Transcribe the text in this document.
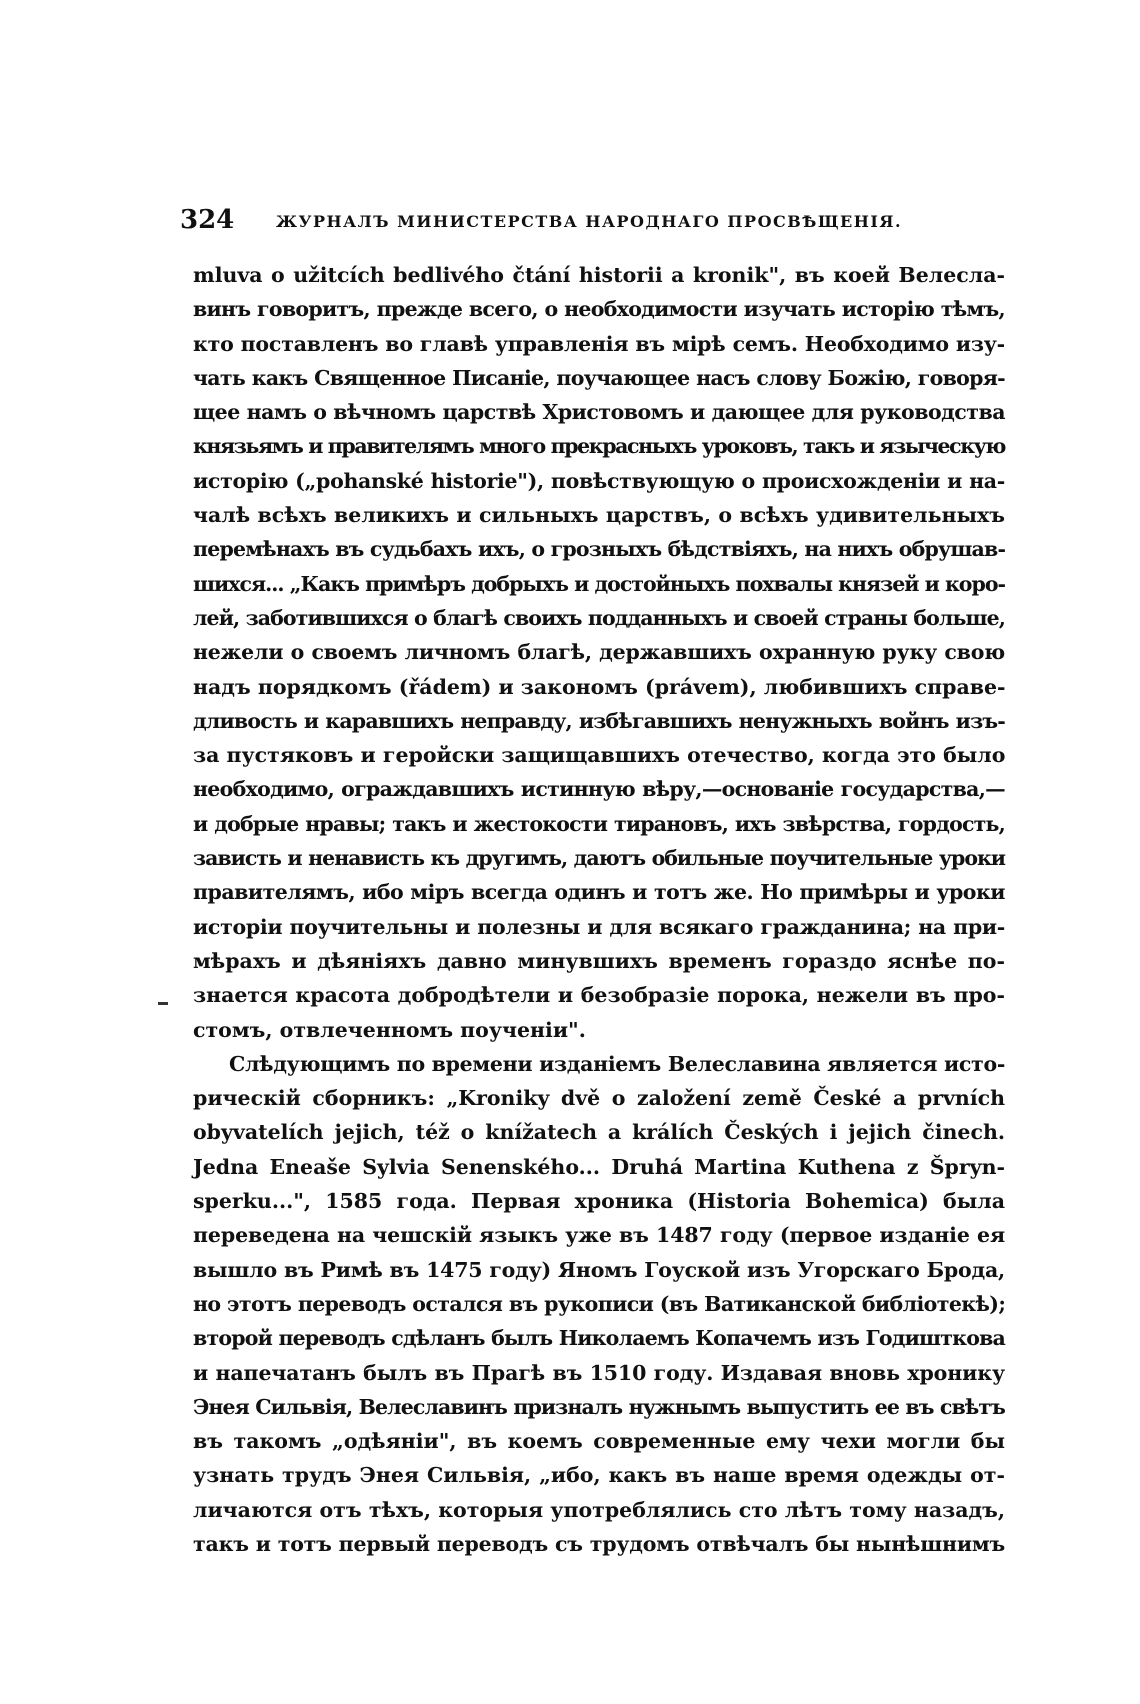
324	ЖУРНАЛЪ МИНИСТЕРСТВА НАРОДНАГО ПРОСВѢЩЕНІЯ.
mluva o užitcích bedlivého čtání historii a kronik", въ коей Велесла-
винъ говоритъ, прежде всего, о необходимости изучать исторію тѣмъ,
кто поставленъ во главѣ управленія въ мірѣ семъ. Необходимо изу-
чать какъ Священное Писаніе, поучающее насъ слову Божію, говоря-
щее намъ о вѣчномъ царствѣ Христовомъ и дающее для руководства
князьямъ и правителямъ много прекрасныхъ уроковъ, такъ и языческую
исторію („pohanské historie"), повѣствующую о происхожденіи и на-
чалѣ всѣхъ великихъ и сильныхъ царствъ, о всѣхъ удивительныхъ
перемѣнахъ въ судьбахъ ихъ, о грозныхъ бѣдствіяхъ, на нихъ обрушав-
шихся... „Какъ примѣръ добрыхъ и достойныхъ похвалы князей и коро-
лей, заботившихся о благѣ своихъ подданныхъ и своей страны больше,
нежели о своемъ личномъ благѣ, державшихъ охранную руку свою
надъ порядкомъ (řádem) и закономъ (právem), любившихъ справе-
дливость и каравшихъ неправду, избѣгавшихъ ненужныхъ войнъ изъ-
за пустяковъ и геройски защищавшихъ отечество, когда это было
необходимо, ограждавшихъ истинную вѣру,—основаніе государства,—
и добрые нравы; такъ и жестокости тирановъ, ихъ звѣрства, гордость,
зависть и ненависть къ другимъ, даютъ обильные поучительные уроки
правителямъ, ибо міръ всегда одинъ и тотъ же. Но примѣры и уроки
исторіи поучительны и полезны и для всякаго гражданина; на при-
мѣрахъ и дѣяніяхъ давно минувшихъ временъ гораздо яснѣе по-
знается красота добродѣтели и безобразіе порока, нежели въ про-
стомъ, отвлеченномъ поученіи".
Слѣдующимъ по времени изданіемъ Велеславина является исто-
рическій сборникъ: „Kroniky dvě o založení země České a prvních
obyvatelích jejich, též o knížatech a králích Českých i jejich činech.
Jedna Eneaše Sylvia Senenského... Druhá Martina Kuthena z Špryn-
sperku...", 1585 года. Первая хроника (Historia Bohemica) была
переведена на чешскій языкъ уже въ 1487 году (первое изданіе ея
вышло въ Римѣ въ 1475 году) Яномъ Гоуской изъ Угорскаго Брода,
но этотъ переводъ остался въ рукописи (въ Ватиканской библіотекѣ);
второй переводъ сдѣланъ былъ Николаемъ Копачемъ изъ Годишткова
и напечатанъ былъ въ Прагѣ въ 1510 году. Издавая вновь хронику
Энея Сильвія, Велеславинъ призналъ нужнымъ выпустить ее въ свѣтъ
въ такомъ „одѣяніи", въ коемъ современные ему чехи могли бы
узнать трудъ Энея Сильвія, „ибо, какъ въ наше время одежды от-
личаются отъ тѣхъ, которыя употреблялись сто лѣтъ тому назадъ,
такъ и тотъ первый переводъ съ трудомъ отвѣчалъ бы нынѣшнимъ
